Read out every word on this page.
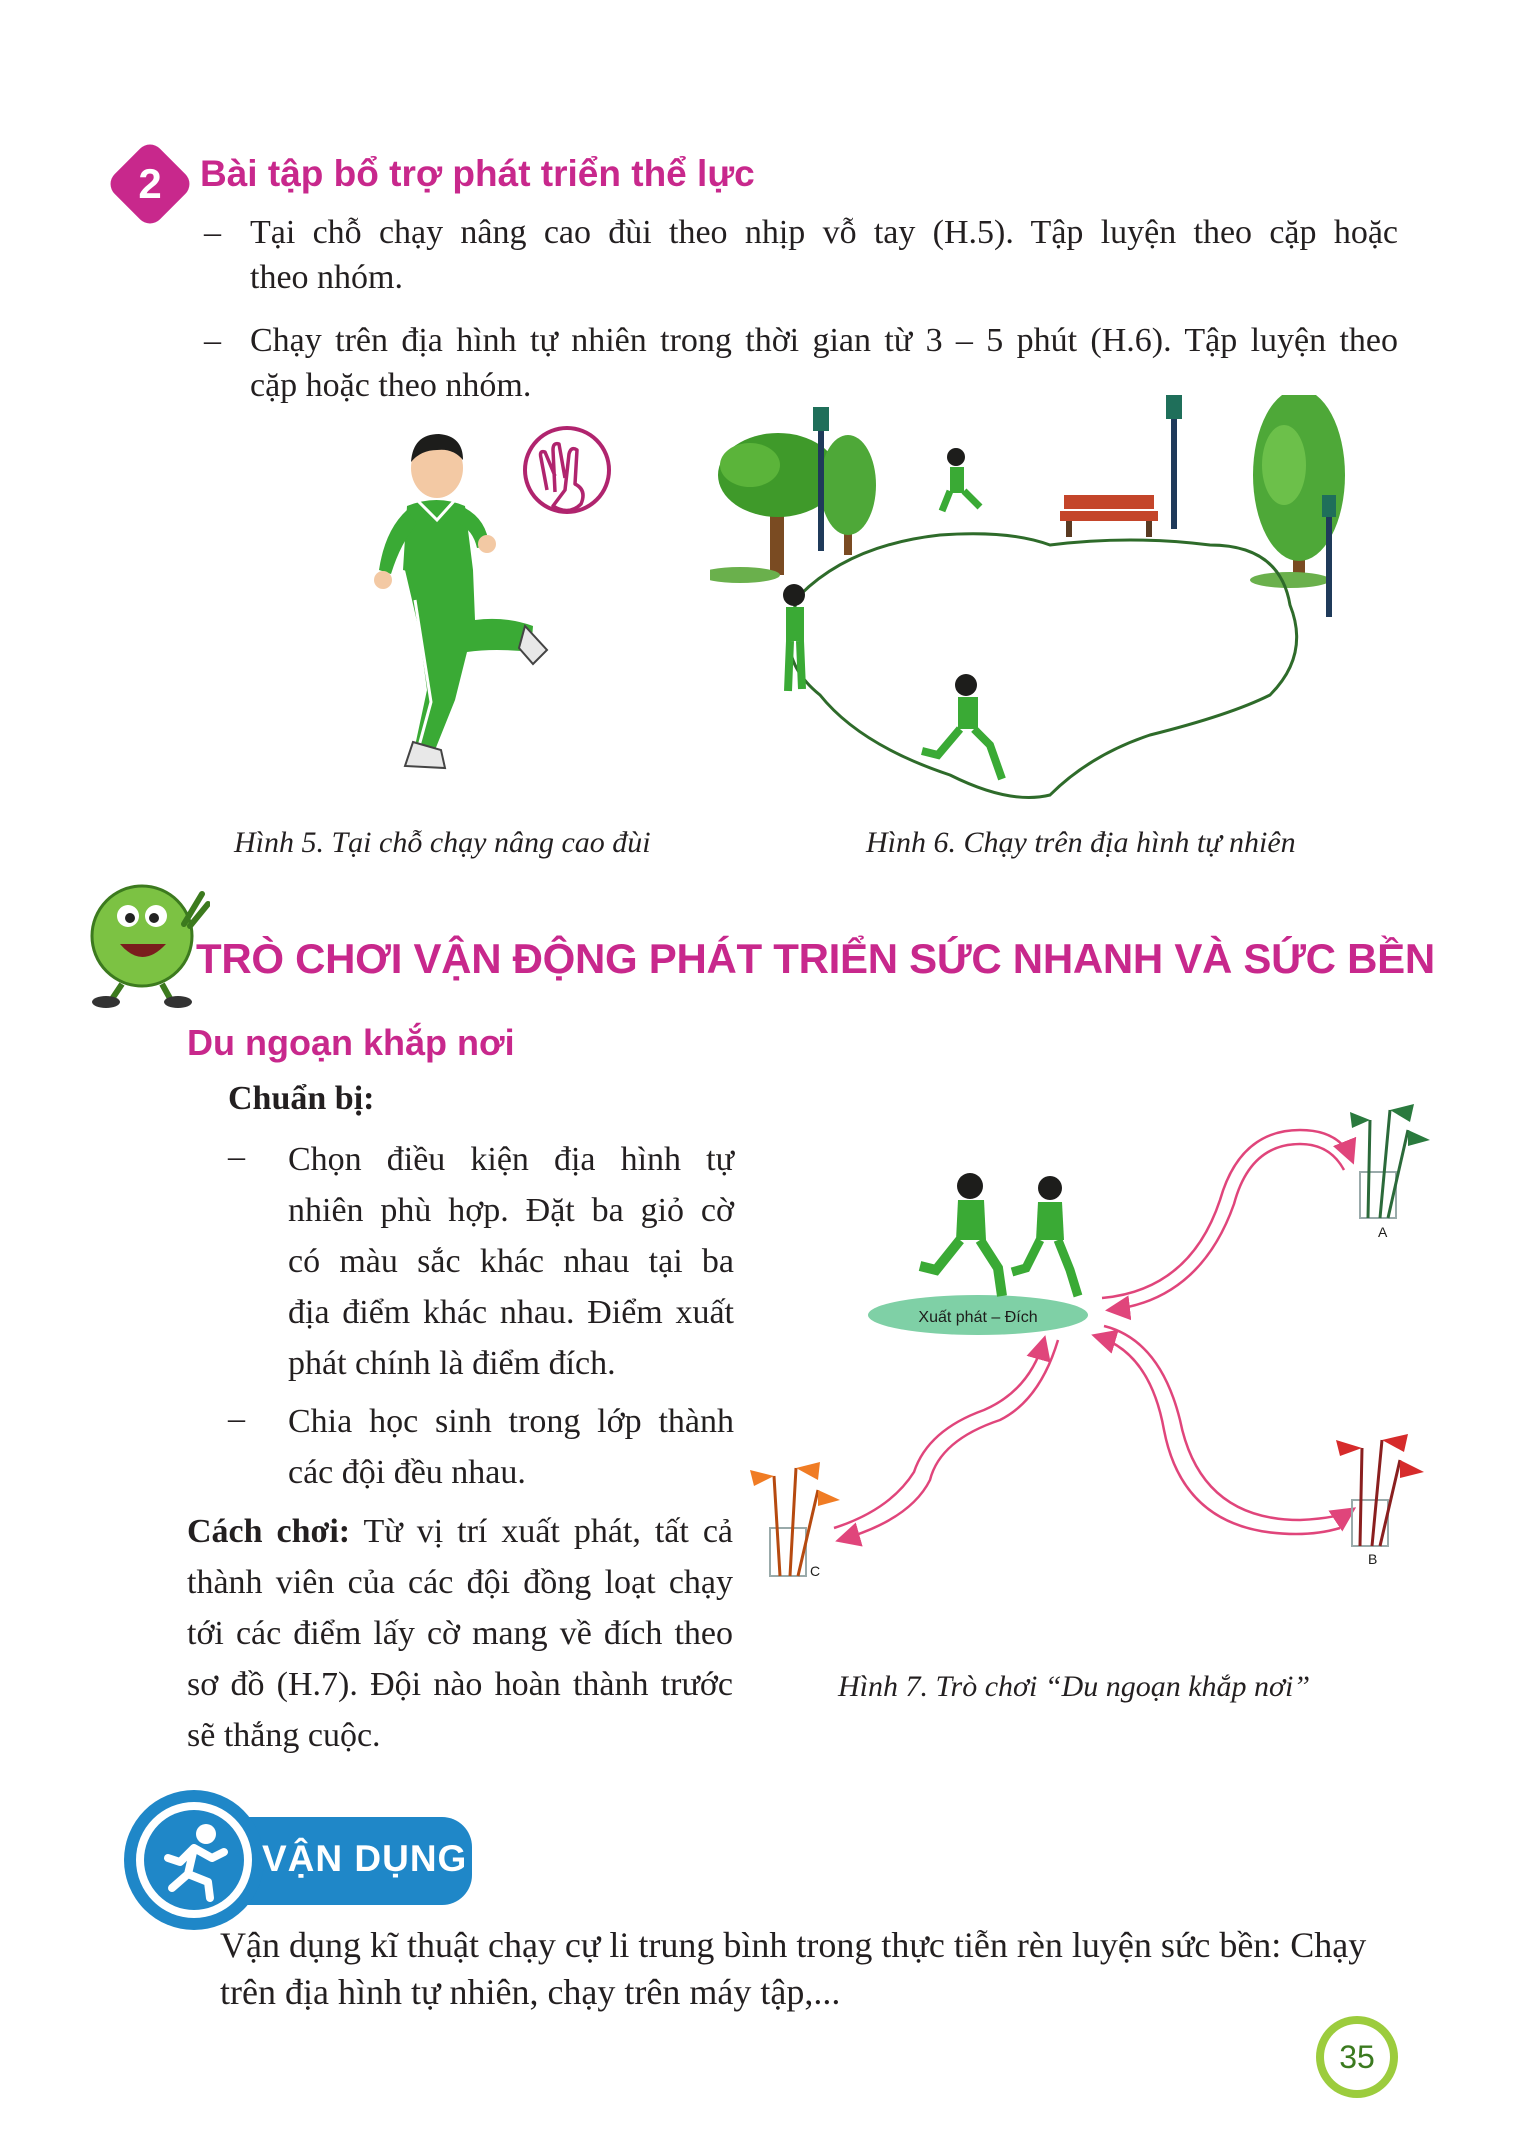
2	Bài tập bổ trợ phát triển thể lực
– Tại chỗ chạy nâng cao đùi theo nhịp vỗ tay (H.5). Tập luyện theo cặp hoặc
theo nhóm.
– Chạy trên địa hình tự nhiên trong thời gian từ 3 – 5 phút (H.6). Tập luyện theo
cặp hoặc theo nhóm.
Hình 5. Tại chỗ chạy nâng cao đùi	Hình 6. Chạy trên địa hình tự nhiên
TRÒ CHƠI VẬN ĐỘNG PHÁT TRIỂN SỨC NHANH VÀ SỨC BỀN
Du ngoạn khắp nơi
Chuẩn bị:
– Chọn điều kiện địa hình tự
nhiên phù hợp. Đặt ba giỏ cờ
có màu sắc khác nhau tại ba
địa điểm khác nhau. Điểm xuất
phát chính là điểm đích.
– Chia học sinh trong lớp thành
các đội đều nhau.
Cách chơi: Từ vị trí xuất phát, tất cả thành viên của các đội đồng loạt chạy tới các điểm lấy cờ mang về đích theo sơ đồ (H.7). Đội nào hoàn thành trước sẽ thắng cuộc.
Xuất phát – Đích
A
B
C
Hình 7. Trò chơi “Du ngoạn khắp nơi”
VẬN DỤNG
Vận dụng kĩ thuật chạy cự li trung bình trong thực tiễn rèn luyện sức bền: Chạy trên địa hình tự nhiên, chạy trên máy tập,...
35
